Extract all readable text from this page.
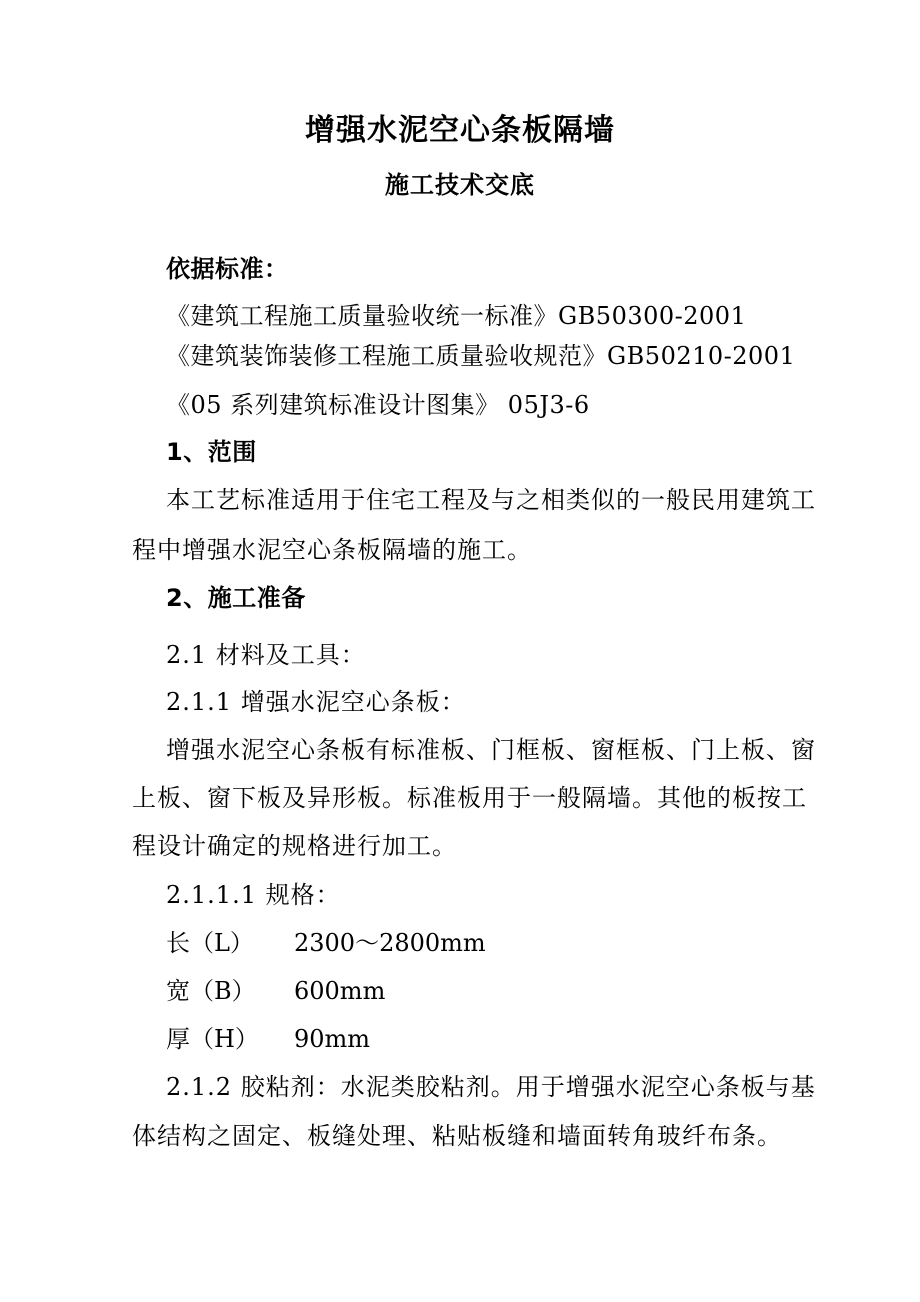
增强水泥空心条板隔墙
施工技术交底
依据标准：
《建筑工程施工质量验收统一标准》GB50300-2001
《建筑装饰装修工程施工质量验收规范》GB50210-2001
《05 系列建筑标准设计图集》 05J3-6
1、范围
本工艺标准适用于住宅工程及与之相类似的一般民用建筑工
程中增强水泥空心条板隔墙的施工。
2、施工准备
2.1 材料及工具：
2.1.1 增强水泥空心条板：
增强水泥空心条板有标准板、门框板、窗框板、门上板、窗
上板、窗下板及异形板。标准板用于一般隔墙。其他的板按工
程设计确定的规格进行加工。
2.1.1.1 规格：
长（L） 2300～2800mm
宽（B） 600mm
厚（H） 90mm
2.1.2 胶粘剂：水泥类胶粘剂。用于增强水泥空心条板与基
体结构之固定、板缝处理、粘贴板缝和墙面转角玻纤布条。
